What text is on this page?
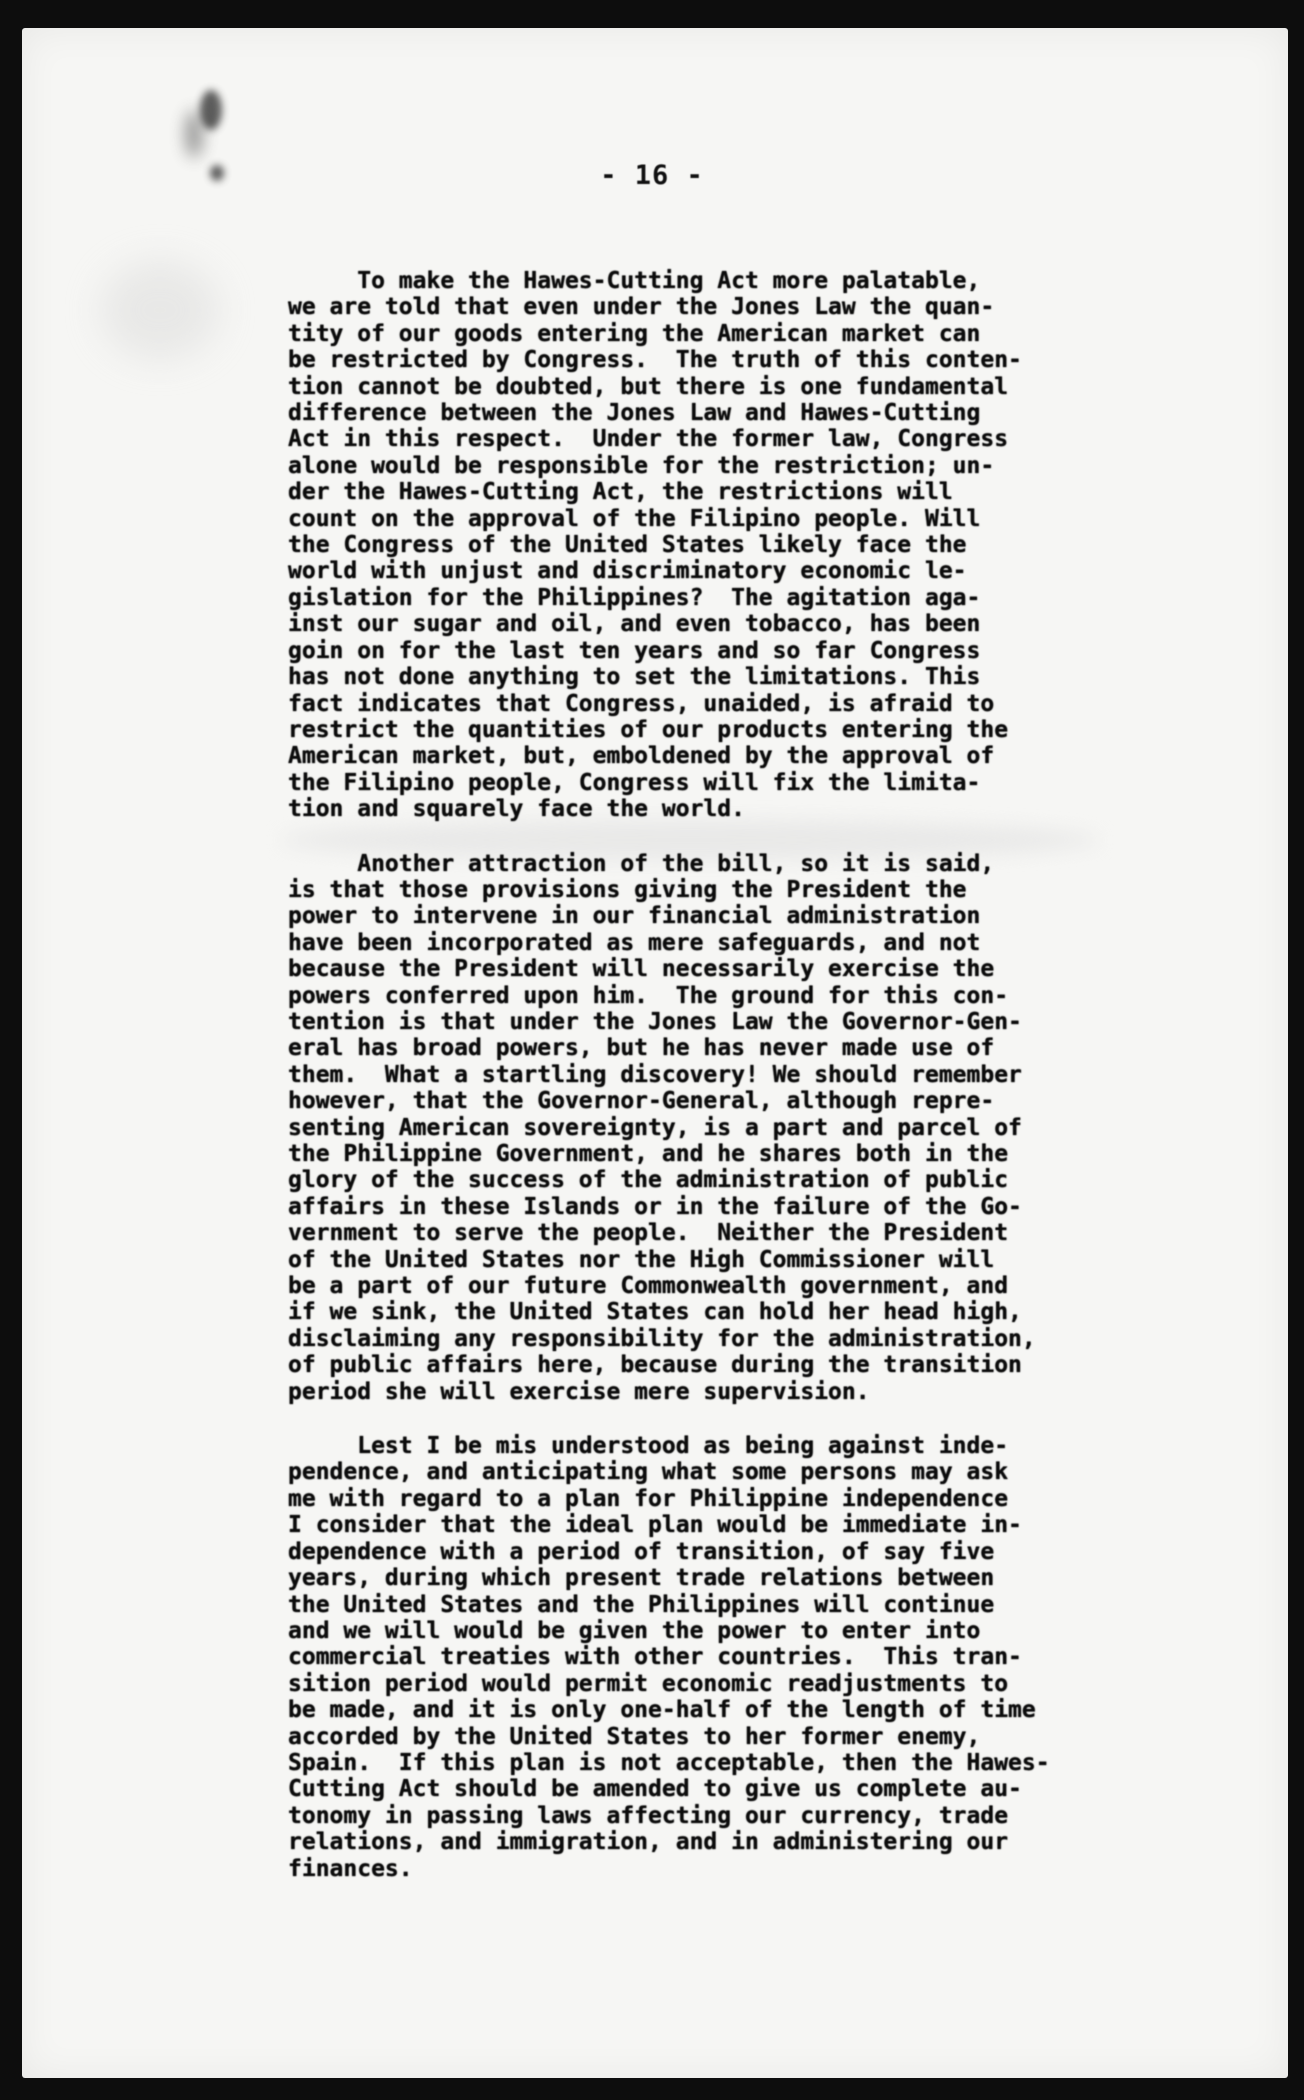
- 16 -
To make the Hawes-Cutting Act more palatable,
we are told that even under the Jones Law the quan-
tity of our goods entering the American market can
be restricted by Congress.  The truth of this conten-
tion cannot be doubted, but there is one fundamental
difference between the Jones Law and Hawes-Cutting
Act in this respect.  Under the former law, Congress
alone would be responsible for the restriction; un-
der the Hawes-Cutting Act, the restrictions will
count on the approval of the Filipino people. Will
the Congress of the United States likely face the
world with unjust and discriminatory economic le-
gislation for the Philippines?  The agitation aga-
inst our sugar and oil, and even tobacco, has been
goin on for the last ten years and so far Congress
has not done anything to set the limitations. This
fact indicates that Congress, unaided, is afraid to
restrict the quantities of our products entering the
American market, but, emboldened by the approval of
the Filipino people, Congress will fix the limita-
tion and squarely face the world.
Another attraction of the bill, so it is said,
is that those provisions giving the President the
power to intervene in our financial administration
have been incorporated as mere safeguards, and not
because the President will necessarily exercise the
powers conferred upon him.  The ground for this con-
tention is that under the Jones Law the Governor-Gen-
eral has broad powers, but he has never made use of
them.  What a startling discovery! We should remember
however, that the Governor-General, although repre-
senting American sovereignty, is a part and parcel of
the Philippine Government, and he shares both in the
glory of the success of the administration of public
affairs in these Islands or in the failure of the Go-
vernment to serve the people.  Neither the President
of the United States nor the High Commissioner will
be a part of our future Commonwealth government, and
if we sink, the United States can hold her head high,
disclaiming any responsibility for the administration,
of public affairs here, because during the transition
period she will exercise mere supervision.
Lest I be mis understood as being against inde-
pendence, and anticipating what some persons may ask
me with regard to a plan for Philippine independence
I consider that the ideal plan would be immediate in-
dependence with a period of transition, of say five
years, during which present trade relations between
the United States and the Philippines will continue
and we will would be given the power to enter into
commercial treaties with other countries.  This tran-
sition period would permit economic readjustments to
be made, and it is only one-half of the length of time
accorded by the United States to her former enemy,
Spain.  If this plan is not acceptable, then the Hawes-
Cutting Act should be amended to give us complete au-
tonomy in passing laws affecting our currency, trade
relations, and immigration, and in administering our
finances.
